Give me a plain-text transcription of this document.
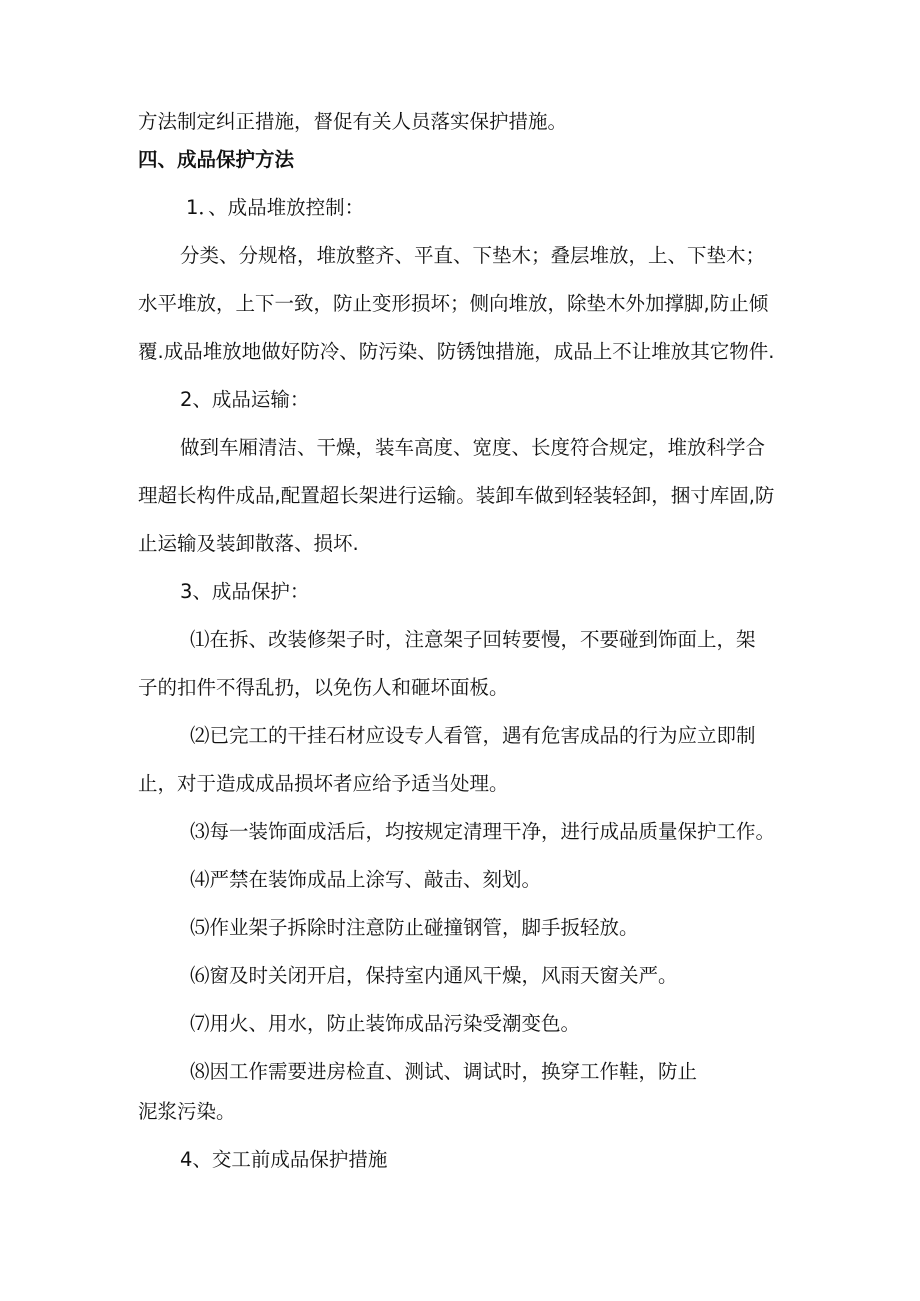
方法制定纠正措施，督促有关人员落实保护措施。
四、成品保护方法
1．、成品堆放控制：
分类、分规格，堆放整齐、平直、下垫木；叠层堆放，上、下垫木；
水平堆放，上下一致，防止变形损坏；侧向堆放，除垫木外加撑脚,防止倾
覆.成品堆放地做好防冷、防污染、防锈蚀措施，成品上不让堆放其它物件.
2、成品运输：
做到车厢清洁、干燥，装车高度、宽度、长度符合规定，堆放科学合
理超长构件成品,配置超长架进行运输。装卸车做到轻装轻卸，捆寸库固,防
止运输及装卸散落、损坏.
3、成品保护：
⑴在拆、改装修架子时，注意架子回转要慢，不要碰到饰面上，架
子的扣件不得乱扔，以免伤人和砸坏面板。
⑵已完工的干挂石材应设专人看管，遇有危害成品的行为应立即制
止，对于造成成品损坏者应给予适当处理。
⑶每一装饰面成活后，均按规定清理干净，进行成品质量保护工作。
⑷严禁在装饰成品上涂写、敲击、刻划。
⑸作业架子拆除时注意防止碰撞钢管，脚手扳轻放。
⑹窗及时关闭开启，保持室内通风干燥，风雨天窗关严。
⑺用火、用水，防止装饰成品污染受潮变色。
⑻因工作需要进房检直、测试、调试时，换穿工作鞋，防止
泥浆污染。
4、交工前成品保护措施
